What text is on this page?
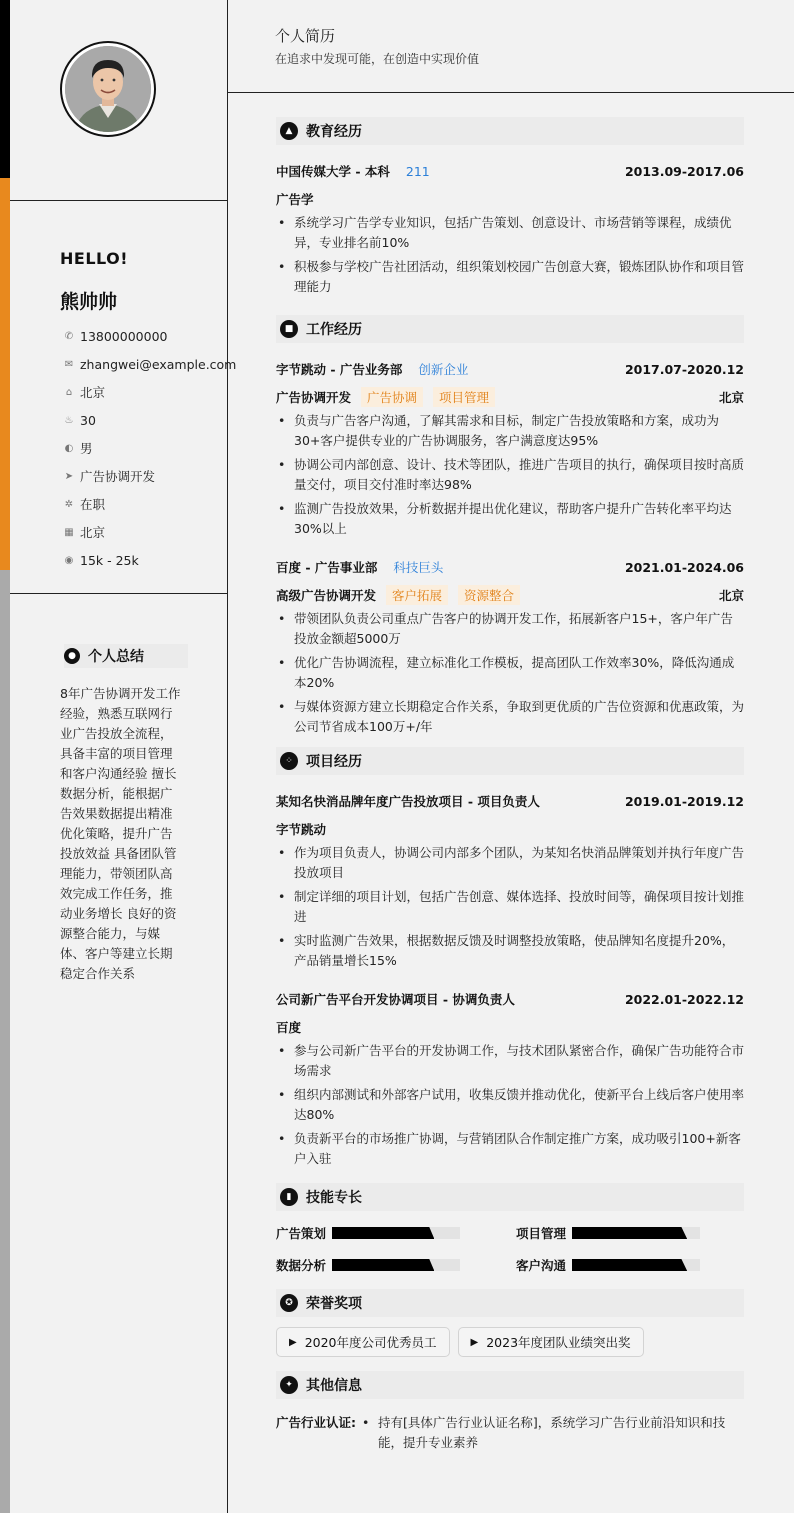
HELLO!
熊帅帅
✆ 13800000000
✉ zhangwei@example.com
⌂ 北京
♨ 30
◐ 男
➤ 广告协调开发
✲ 在职
▦ 北京
◉ 15k - 25k
● 个人总结
8年广告协调开发工作经验，熟悉互联网行业广告投放全流程，具备丰富的项目管理和客户沟通经验 擅长数据分析，能根据广告效果数据提出精准优化策略，提升广告投放效益 具备团队管理能力，带领团队高效完成工作任务，推动业务增长 良好的资源整合能力，与媒体、客户等建立长期稳定合作关系
个人简历
在追求中发现可能，在创造中实现价值
▲ 教育经历
中国传媒大学 - 本科 211	2013.09-2017.06
广告学
• 系统学习广告学专业知识，包括广告策划、创意设计、市场营销等课程，成绩优异，专业排名前10%
• 积极参与学校广告社团活动，组织策划校园广告创意大赛，锻炼团队协作和项目管理能力
■ 工作经历
字节跳动 - 广告业务部 创新企业	2017.07-2020.12
广告协调开发	广告协调	项目管理	北京
• 负责与广告客户沟通，了解其需求和目标，制定广告投放策略和方案，成功为30+客户提供专业的广告协调服务，客户满意度达95%
• 协调公司内部创意、设计、技术等团队，推进广告项目的执行，确保项目按时高质量交付，项目交付准时率达98%
• 监测广告投放效果，分析数据并提出优化建议，帮助客户提升广告转化率平均达30%以上
百度 - 广告事业部 科技巨头	2021.01-2024.06
高级广告协调开发	客户拓展	资源整合	北京
• 带领团队负责公司重点广告客户的协调开发工作，拓展新客户15+，客户年广告投放金额超5000万
• 优化广告协调流程，建立标准化工作模板，提高团队工作效率30%，降低沟通成本20%
• 与媒体资源方建立长期稳定合作关系，争取到更优质的广告位资源和优惠政策，为公司节省成本100万+/年
⁘ 项目经历
某知名快消品牌年度广告投放项目 - 项目负责人	2019.01-2019.12
字节跳动
• 作为项目负责人，协调公司内部多个团队，为某知名快消品牌策划并执行年度广告投放项目
• 制定详细的项目计划，包括广告创意、媒体选择、投放时间等，确保项目按计划推进
• 实时监测广告效果，根据数据反馈及时调整投放策略，使品牌知名度提升20%，产品销量增长15%
公司新广告平台开发协调项目 - 协调负责人	2022.01-2022.12
百度
• 参与公司新广告平台的开发协调工作，与技术团队紧密合作，确保广告功能符合市场需求
• 组织内部测试和外部客户试用，收集反馈并推动优化，使新平台上线后客户使用率达80%
• 负责新平台的市场推广协调，与营销团队合作制定推广方案，成功吸引100+新客户入驻
▮	技能专长
广告策划	项目管理
数据分析	客户沟通
✪ 荣誉奖项
▶ 2020年度公司优秀员工	▶ 2023年度团队业绩突出奖
✦ 其他信息
广告行业认证:
•	持有[具体广告行业认证名称]，系统学习广告行业前沿知识和技能，提升专业素养
